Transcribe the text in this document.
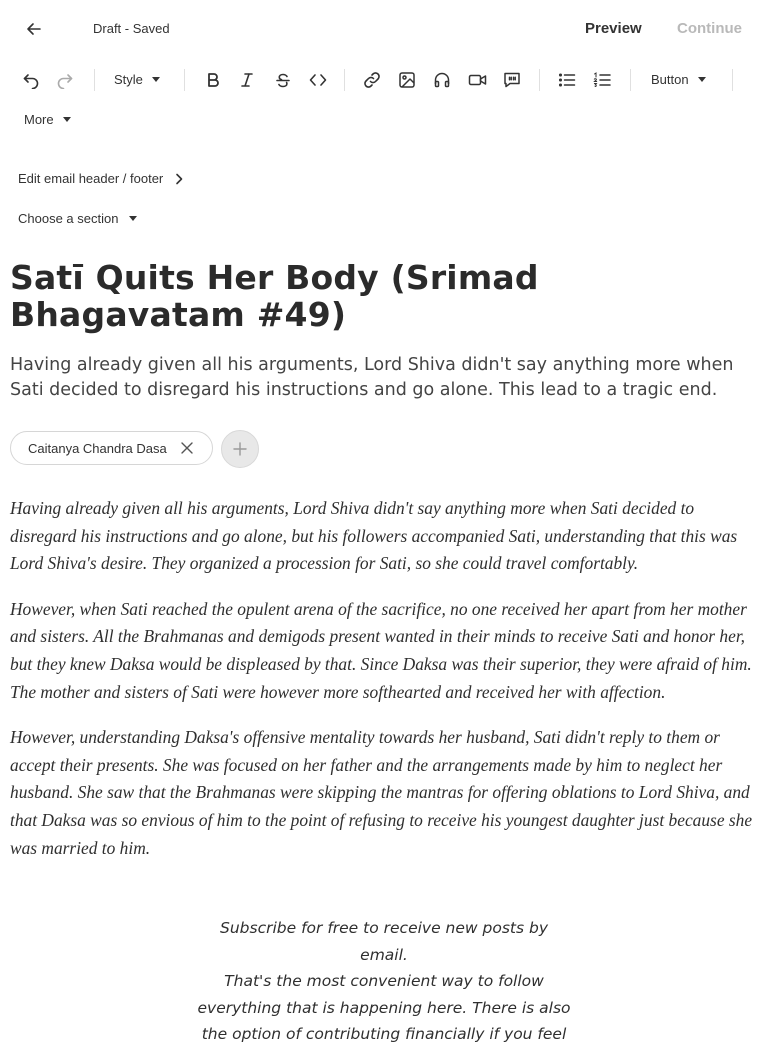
Draft - Saved	Preview Continue
Style	Button
More
Edit email header / footer
Choose a section
Satī Quits Her Body (Srimad Bhagavatam #49)

Having already given all his arguments, Lord Shiva didn't say anything more when Sati decided to disregard his instructions and go alone. This lead to a tragic end.

Caitanya Chandra Dasa

Having already given all his arguments, Lord Shiva didn't say anything more when Sati decided to disregard his instructions and go alone, but his followers accompanied Sati, understanding that this was Lord Shiva's desire. They organized a procession for Sati, so she could travel comfortably.

However, when Sati reached the opulent arena of the sacrifice, no one received her apart from her mother and sisters. All the Brahmanas and demigods present wanted in their minds to receive Sati and honor her, but they knew Daksa would be displeased by that. Since Daksa was their superior, they were afraid of him. The mother and sisters of Sati were however more softhearted and received her with affection.

However, understanding Daksa's offensive mentality towards her husband, Sati didn't reply to them or accept their presents. She was focused on her father and the arrangements made by him to neglect her husband. She saw that the Brahmanas were skipping the mantras for offering oblations to Lord Shiva, and that Daksa was so envious of him to the point of refusing to receive his youngest daughter just because she was married to him.

Subscribe for free to receive new posts by email.
That's the most convenient way to follow
everything that is happening here. There is also
the option of contributing financially if you feel
